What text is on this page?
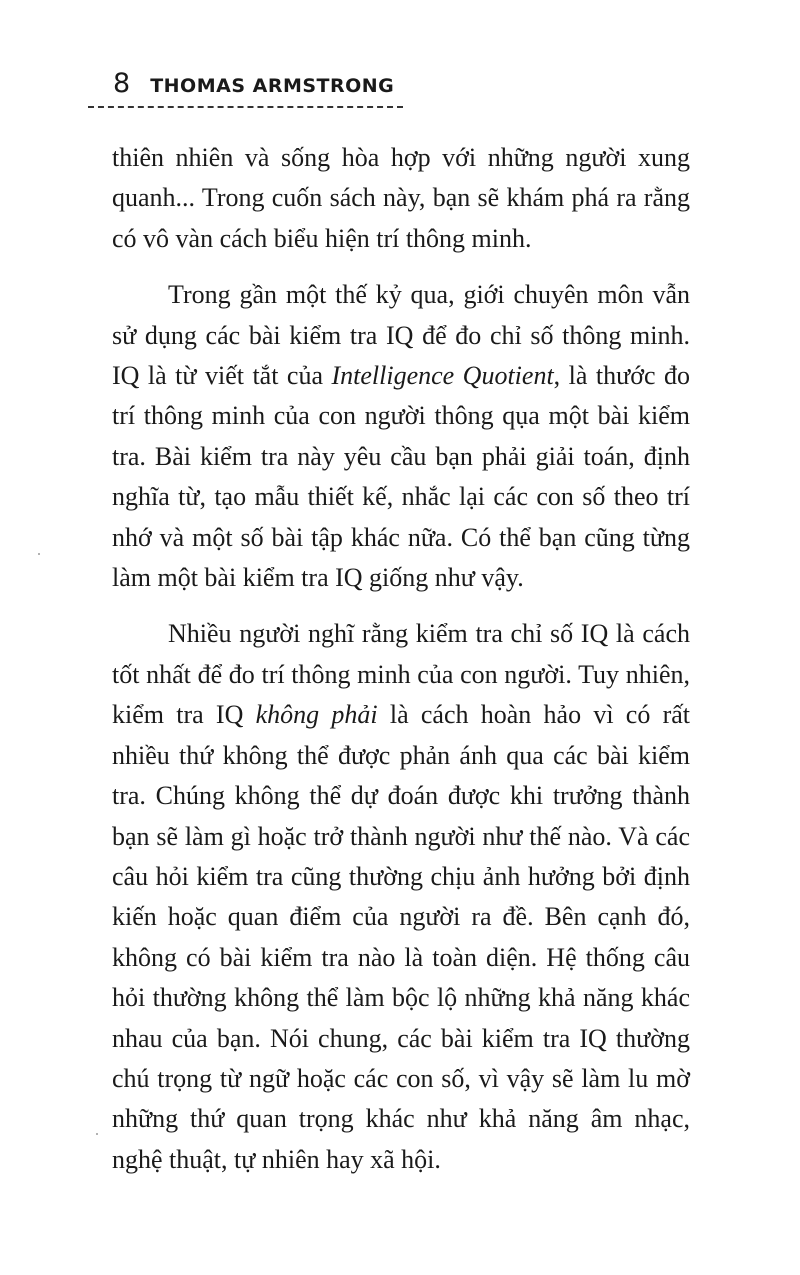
8 THOMAS ARMSTRONG

thiên nhiên và sống hòa hợp với những người xung quanh... Trong cuốn sách này, bạn sẽ khám phá ra rằng có vô vàn cách biểu hiện trí thông minh.

Trong gần một thế kỷ qua, giới chuyên môn vẫn sử dụng các bài kiểm tra IQ để đo chỉ số thông minh. IQ là từ viết tắt của Intelligence Quotient, là thước đo trí thông minh của con người thông qụa một bài kiểm tra. Bài kiểm tra này yêu cầu bạn phải giải toán, định nghĩa từ, tạo mẫu thiết kế, nhắc lại các con số theo trí nhớ và một số bài tập khác nữa. Có thể bạn cũng từng làm một bài kiểm tra IQ giống như vậy.

Nhiều người nghĩ rằng kiểm tra chỉ số IQ là cách tốt nhất để đo trí thông minh của con người. Tuy nhiên, kiểm tra IQ không phải là cách hoàn hảo vì có rất nhiều thứ không thể được phản ánh qua các bài kiểm tra. Chúng không thể dự đoán được khi trưởng thành bạn sẽ làm gì hoặc trở thành người như thế nào. Và các câu hỏi kiểm tra cũng thường chịu ảnh hưởng bởi định kiến hoặc quan điểm của người ra đề. Bên cạnh đó, không có bài kiểm tra nào là toàn diện. Hệ thống câu hỏi thường không thể làm bộc lộ những khả năng khác nhau của bạn. Nói chung, các bài kiểm tra IQ thường chú trọng từ ngữ hoặc các con số, vì vậy sẽ làm lu mờ những thứ quan trọng khác như khả năng âm nhạc, nghệ thuật, tự nhiên hay xã hội.
